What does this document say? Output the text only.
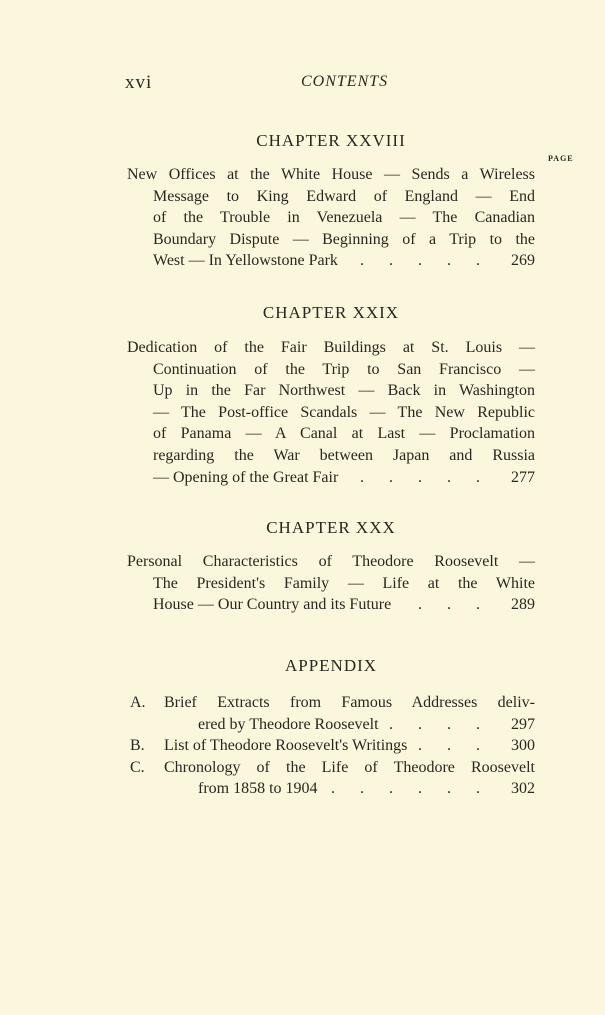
xvi	CONTENTS
CHAPTER XXVIII
PAGE
New Offices at the White House — Sends a Wireless
Message to King Edward of England — End
of the Trouble in Venezuela — The Canadian
Boundary Dispute — Beginning of a Trip to the
West — In Yellowstone Park	..... 269
CHAPTER XXIX
Dedication of the Fair Buildings at St. Louis —
Continuation of the Trip to San Francisco —
Up in the Far Northwest — Back in Washington
— The Post-office Scandals — The New Republic
of Panama — A Canal at Last — Proclamation
regarding the War between Japan and Russia
— Opening of the Great Fair	..... 277
CHAPTER XXX
Personal Characteristics of Theodore Roosevelt —
The President's Family — Life at the White
House — Our Country and its Future	... 289
APPENDIX
A. Brief Extracts from Famous Addresses deliv-
ered by Theodore Roosevelt .... 297
B. List of Theodore Roosevelt's Writings ... 300
C. Chronology of the Life of Theodore Roosevelt
from 1858 to 1904 ...... 302
